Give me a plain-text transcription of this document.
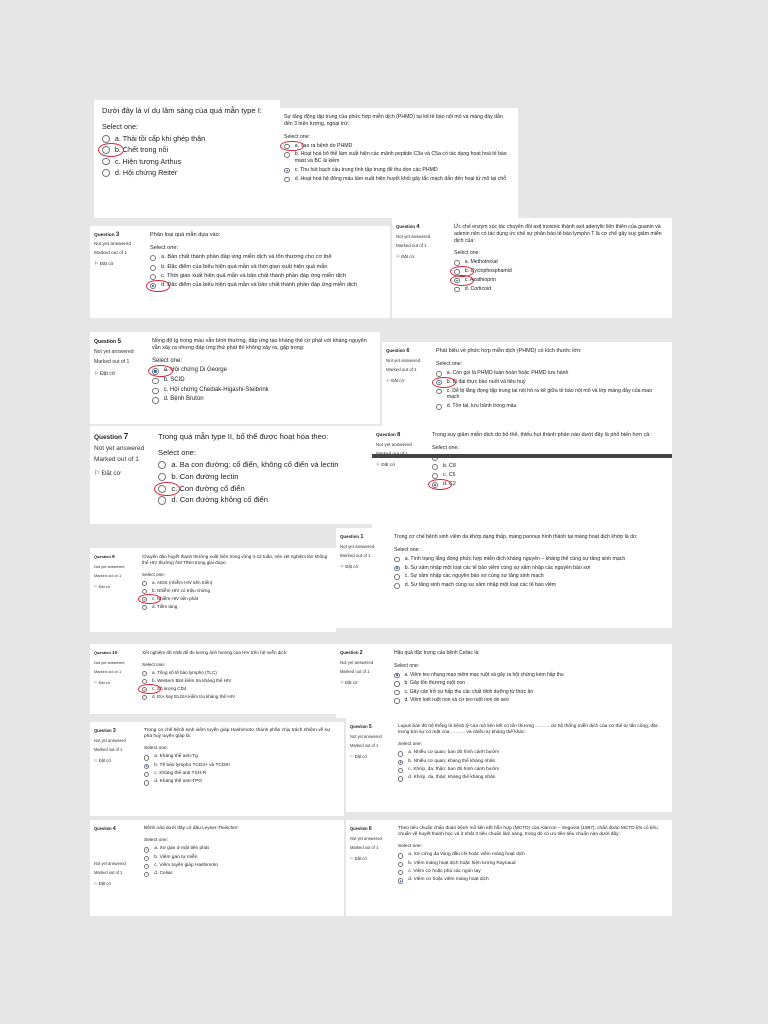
Dưới đây là ví dụ lâm sàng của quá mẫn type I:
Select one:
a. Thải tồi cấp khi ghép thận
b. Chết trong nôi
c. Hiện tượng Arthus
d. Hội chứng Reiter
Sự tăng động tập trung của phức hợp miễn dịch (PHMD) tại kẽ tế bào nội mô và màng đáy dẫn đến 3 hiện tượng, ngoại trừ:
Select one:
a. Tạo ra bệnh do PHMD
b. Hoạt hoá bổ thể làm xuất hiện các mảnh peptide C3a và C5a có tác dụng hoạt hoá tế bào mast và BC ái kiềm
c. Thu hút bạch cầu trung tính tập trung để thu dọn các PHMD
d. Hoạt hoá hệ đông máu làm xuất hiện huyết khối gây tắc mạch dẫn đến hoại tử mô tại chỗ
Question 3
Not yet answered
Marked out of 1
⚐ Đặt cờ
Phân loại quá mẫn dựa vào:
Select one:
a. Bản chất thành phần đáp ứng miễn dịch và tổn thương cho cơ thể
b. Đặc điểm của biểu hiện quá mẫn và thời gian xuất hiện quá mẫn
c. Thời gian xuất hiện quá mẫn và bản chất thành phần đáp ứng miễn dịch
d. Đặc điểm của biểu hiện quá mẫn và bản chất thành phần đáp ứng miễn dịch
Question 4
Not yet answered
Marked out of 1
⚐ Đặt cờ
Ức chế enzym xúc tác chuyển đổi axit inosinic thành axit adenylic liên thiên của guanin và adenin nên có tác dụng ức chế sự phân bào tế bào lympho T là cơ chế gây suy giảm miễn dịch của:
Select one:
a. Methotrexat
b. Cyclophosphamid
c. Azathioprin
d. Corticoid
Question 5
Not yet answered
Marked out of 1
⚐ Đặt cờ
Nồng độ Ig trong máu vẫn bình thường, đáp ứng tạo kháng thể cơ phát với kháng nguyên vẫn xảy ra nhưng đáp ứng thứ phát thì không xảy ra, gặp trong:
Select one:
a. Hội chứng Di George
b. SCID
c. Hội chứng Chediak-Higashi-Steibrink
d. Bệnh Bruton
Question 6
Not yet answered
Marked out of 1
⚐ Đặt cờ
Phát biểu về phức hợp miễn dịch (PHMD) có kích thước lớn:
Select one:
a. Còn gọi là PHMD tuần hoàn hoặc PHMD lưu hành
b. Bị đại thực bào nuốt và tiêu huỷ
c. Dễ bị lắng đọng tập trung tại nội hô ra kẽ giữa tế bào nội mô và lớp màng đáy của mao mạch
d. Tồn tại, lưu hành trong máu
Question 7
Not yet answered
Marked out of 1
⚐ Đặt cờ
Trong quá mẫn type II, bổ thể được hoạt hóa theo:
Select one:
a. Ba con đường: cổ điển, không cổ điển và lectin
b. Con đường lectin
c. Con đường cổ điển
d. Con đường không cổ điển
Question 8
Not yet answered
⚐ Đặt cờ
Trong suy giảm miễn dịch do bổ thể, thiếu hụt thành phần nào dưới đây là phổ biến hơn cả:
Select one:
b. C8
c. C5
d. C2
Question 1
Not yet answered
Marked out of 1
⚐ Đặt cờ
Trong cơ chế bệnh sinh viêm da khớp dạng thấp, màng pannus hình thành tại màng hoạt dịch khớp là do:
Select one:
a. Tình trạng lắng đọng phức hợp miễn dịch kháng nguyên – kháng thể cùng sự tăng sinh mạch
b. Sự xâm nhập một loạt các tế bào viêm cùng sự xâm nhập các nguyên bào sợi
c. Sự xâm nhập các nguyên bào xơ cùng sự tăng sinh mạch
d. Sự tăng sinh mạch cùng sự xâm nhập một loạt các tế bào viêm
Question 9
Not yet answered
Marked out of 1
⚐ Đặt cờ
Chuyển đảo huyết thanh thường xuất hiện trong vòng 4-12 tuần, nên xét nghiệm lên không thể HIV thường ÂM TÍNH trong giai đoạn:
Select one:
a. AIDS (nhiễm HIV tiến triển)
b. Nhiễm HIV có triệu chứng
c. Nhiễm HIV tiên phát
d. Tiềm tàng
Question 10
Not yet answered
Marked out of 1
⚐ Đặt cờ
Xét nghiệm tốt nhất để đo lường ảnh hưởng của HIV trên hệ miễn dịch:
Select one:
a. Tổng số tế bào lympho (TLC)
b. Western Blot kiểm tra kháng thể HIV
c. Số lượng CD4
d. EIA hay ELISA kiểm tra kháng thể HIV
Question 2
Not yet answered
Marked out of 1
⚐ Đặt cờ
Hậu quả đặc trưng của bệnh Celiac là:
Select one:
a. Viêm teo nhung mao niêm mạc ruột và gây ra hội chứng kém hấp thu
b. Gây tổn thương ruột non
c. Gây cản trở sự hấp thu các chất dinh dưỡng từ thức ăn
d. Viêm loét ruột non và cơ teo ruột non do seo
Question 3
Not yet answered
Marked out of 1
⚐ Đặt cờ
Trong cơ chế bệnh sinh viêm tuyến giáp Hashimoto, thành phần chịu trách nhiệm về sự phá huỷ tuyến giáp là:
Select one:
a. Kháng thể anti-Tg
b. Tế bào lympho TCD4+ và TCD8+
c. Kháng thể anti TSH-R
d. Kháng thể anti-TPO
Question 5
Not yet answered
Marked out of 1
⚐ Đặt cờ
Lupus ban đỏ hệ thống là bệnh lý của mô liên kết có tổn thương ……… do hệ thống miễn dịch của cơ thể tự tấn công, đặc trưng bởi sự có mặt của ……… và nhiều tự kháng thể khác:
Select one:
a. Nhiều cơ quan; ban đỏ hình cánh bướm
b. Nhiều cơ quan; kháng thể kháng nhân
c. Khớp, da, thận; ban đỏ hình cánh bướm
d. Khớp, da, thận; kháng thể kháng nhân
Question 4
Not yet answered
Marked out of 1
⚐ Đặt cờ
Bệnh nào dưới đây có dấu Leyser-Tleischer:
Select one:
a. Xơ gan ứ mật tiên phát
b. Viêm gan tự miễn
c. Viêm tuyến giáp Hashimoto
d. Celiac
Question 6
Not yet answered
Marked out of 1
⚐ Đặt cờ
Theo tiêu chuẩn chẩn đoán bệnh mô liên kết hỗn hợp (MCTD) của Alarcon – Segovia (1987), chẩn đoán MCTD khi có tiêu chuẩn về huyết thanh học và ít nhất 3 tiêu chuẩn lâm sàng, trong đó có ưu tiên tiêu chuẩn nào dưới đây:
Select one:
a. Xơ cứng da vùng đầu chi hoặc viêm màng hoạt dịch
b. Viêm màng hoạt dịch hoặc hiện tượng Raynaud
c. Viêm cơ hoặc phù các ngón tay
d. Viêm cơ hoặc viêm màng hoạt dịch
